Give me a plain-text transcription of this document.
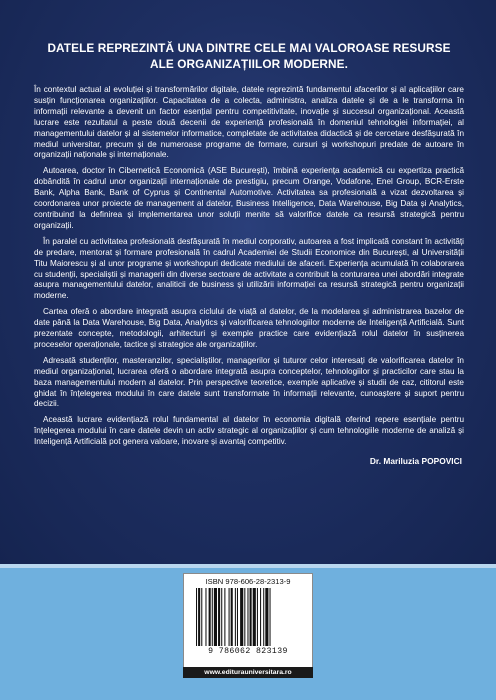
DATELE REPREZINTĂ UNA DINTRE CELE MAI VALOROASE RESURSE
ALE ORGANIZAȚIILOR MODERNE.

În contextul actual al evoluției și transformărilor digitale, datele reprezintă fundamentul afacerilor și al aplicațiilor care susțin funcționarea organizațiilor. Capacitatea de a colecta, administra, analiza datele și de a le transforma în informații relevante a devenit un factor esențial pentru competitivitate, inovație și succesul organizațional. Această lucrare este rezultatul a peste două decenii de experiență profesională în domeniul tehnologiei informației, al managementului datelor și al sistemelor informatice, completate de activitatea didactică și de cercetare desfășurată în mediul universitar, precum și de numeroase programe de formare, cursuri și workshopuri predate de autoare în organizații naționale și internaționale.

Autoarea, doctor în Cibernetică Economică (ASE București), îmbină experiența academică cu expertiza practică dobândită în cadrul unor organizații internaționale de prestigiu, precum Orange, Vodafone, Enel Group, BCR-Erste Bank, Alpha Bank, Bank of Cyprus și Continental Automotive. Activitatea sa profesională a vizat dezvoltarea și coordonarea unor proiecte de management al datelor, Business Intelligence, Data Warehouse, Big Data și Analytics, contribuind la definirea și implementarea unor soluții menite să valorifice datele ca resursă strategică pentru organizații.

În paralel cu activitatea profesională desfășurată în mediul corporativ, autoarea a fost implicată constant în activități de predare, mentorat și formare profesională în cadrul Academiei de Studii Economice din București, al Universității Titu Maiorescu și al unor programe și workshopuri dedicate mediului de afaceri. Experiența acumulată în colaborarea cu studenții, specialiștii și managerii din diverse sectoare de activitate a contribuit la conturarea unei abordări integrate asupra managementului datelor, analiticii de business și utilizării informației ca resursă strategică pentru organizații moderne.

Cartea oferă o abordare integrată asupra ciclului de viață al datelor, de la modelarea și administrarea bazelor de date până la Data Warehouse, Big Data, Analytics și valorificarea tehnologiilor moderne de Inteligență Artificială. Sunt prezentate concepte, metodologii, arhitecturi și exemple practice care evidențiază rolul datelor în susținerea proceselor operaționale, tactice și strategice ale organizațiilor.

Adresată studenților, masteranzilor, specialiștilor, managerilor și tuturor celor interesați de valorificarea datelor în mediul organizațional, lucrarea oferă o abordare integrată asupra conceptelor, tehnologiilor și practicilor care stau la baza managementului modern al datelor. Prin perspective teoretice, exemple aplicative și studii de caz, cititorul este ghidat în înțelegerea modului în care datele sunt transformate în informații relevante, cunoaștere și suport pentru decizii.

Această lucrare evidențiază rolul fundamental al datelor în economia digitală oferind repere esențiale pentru înțelegerea modului în care datele devin un activ strategic al organizațiilor și cum tehnologiile moderne de analiză și Inteligență Artificială pot genera valoare, inovare și avantaj competitiv.

Dr. Mariluzia POPOVICI
ISBN 978-606-28-2313-9
9 786062 823139
www.editurauniversitara.ro
